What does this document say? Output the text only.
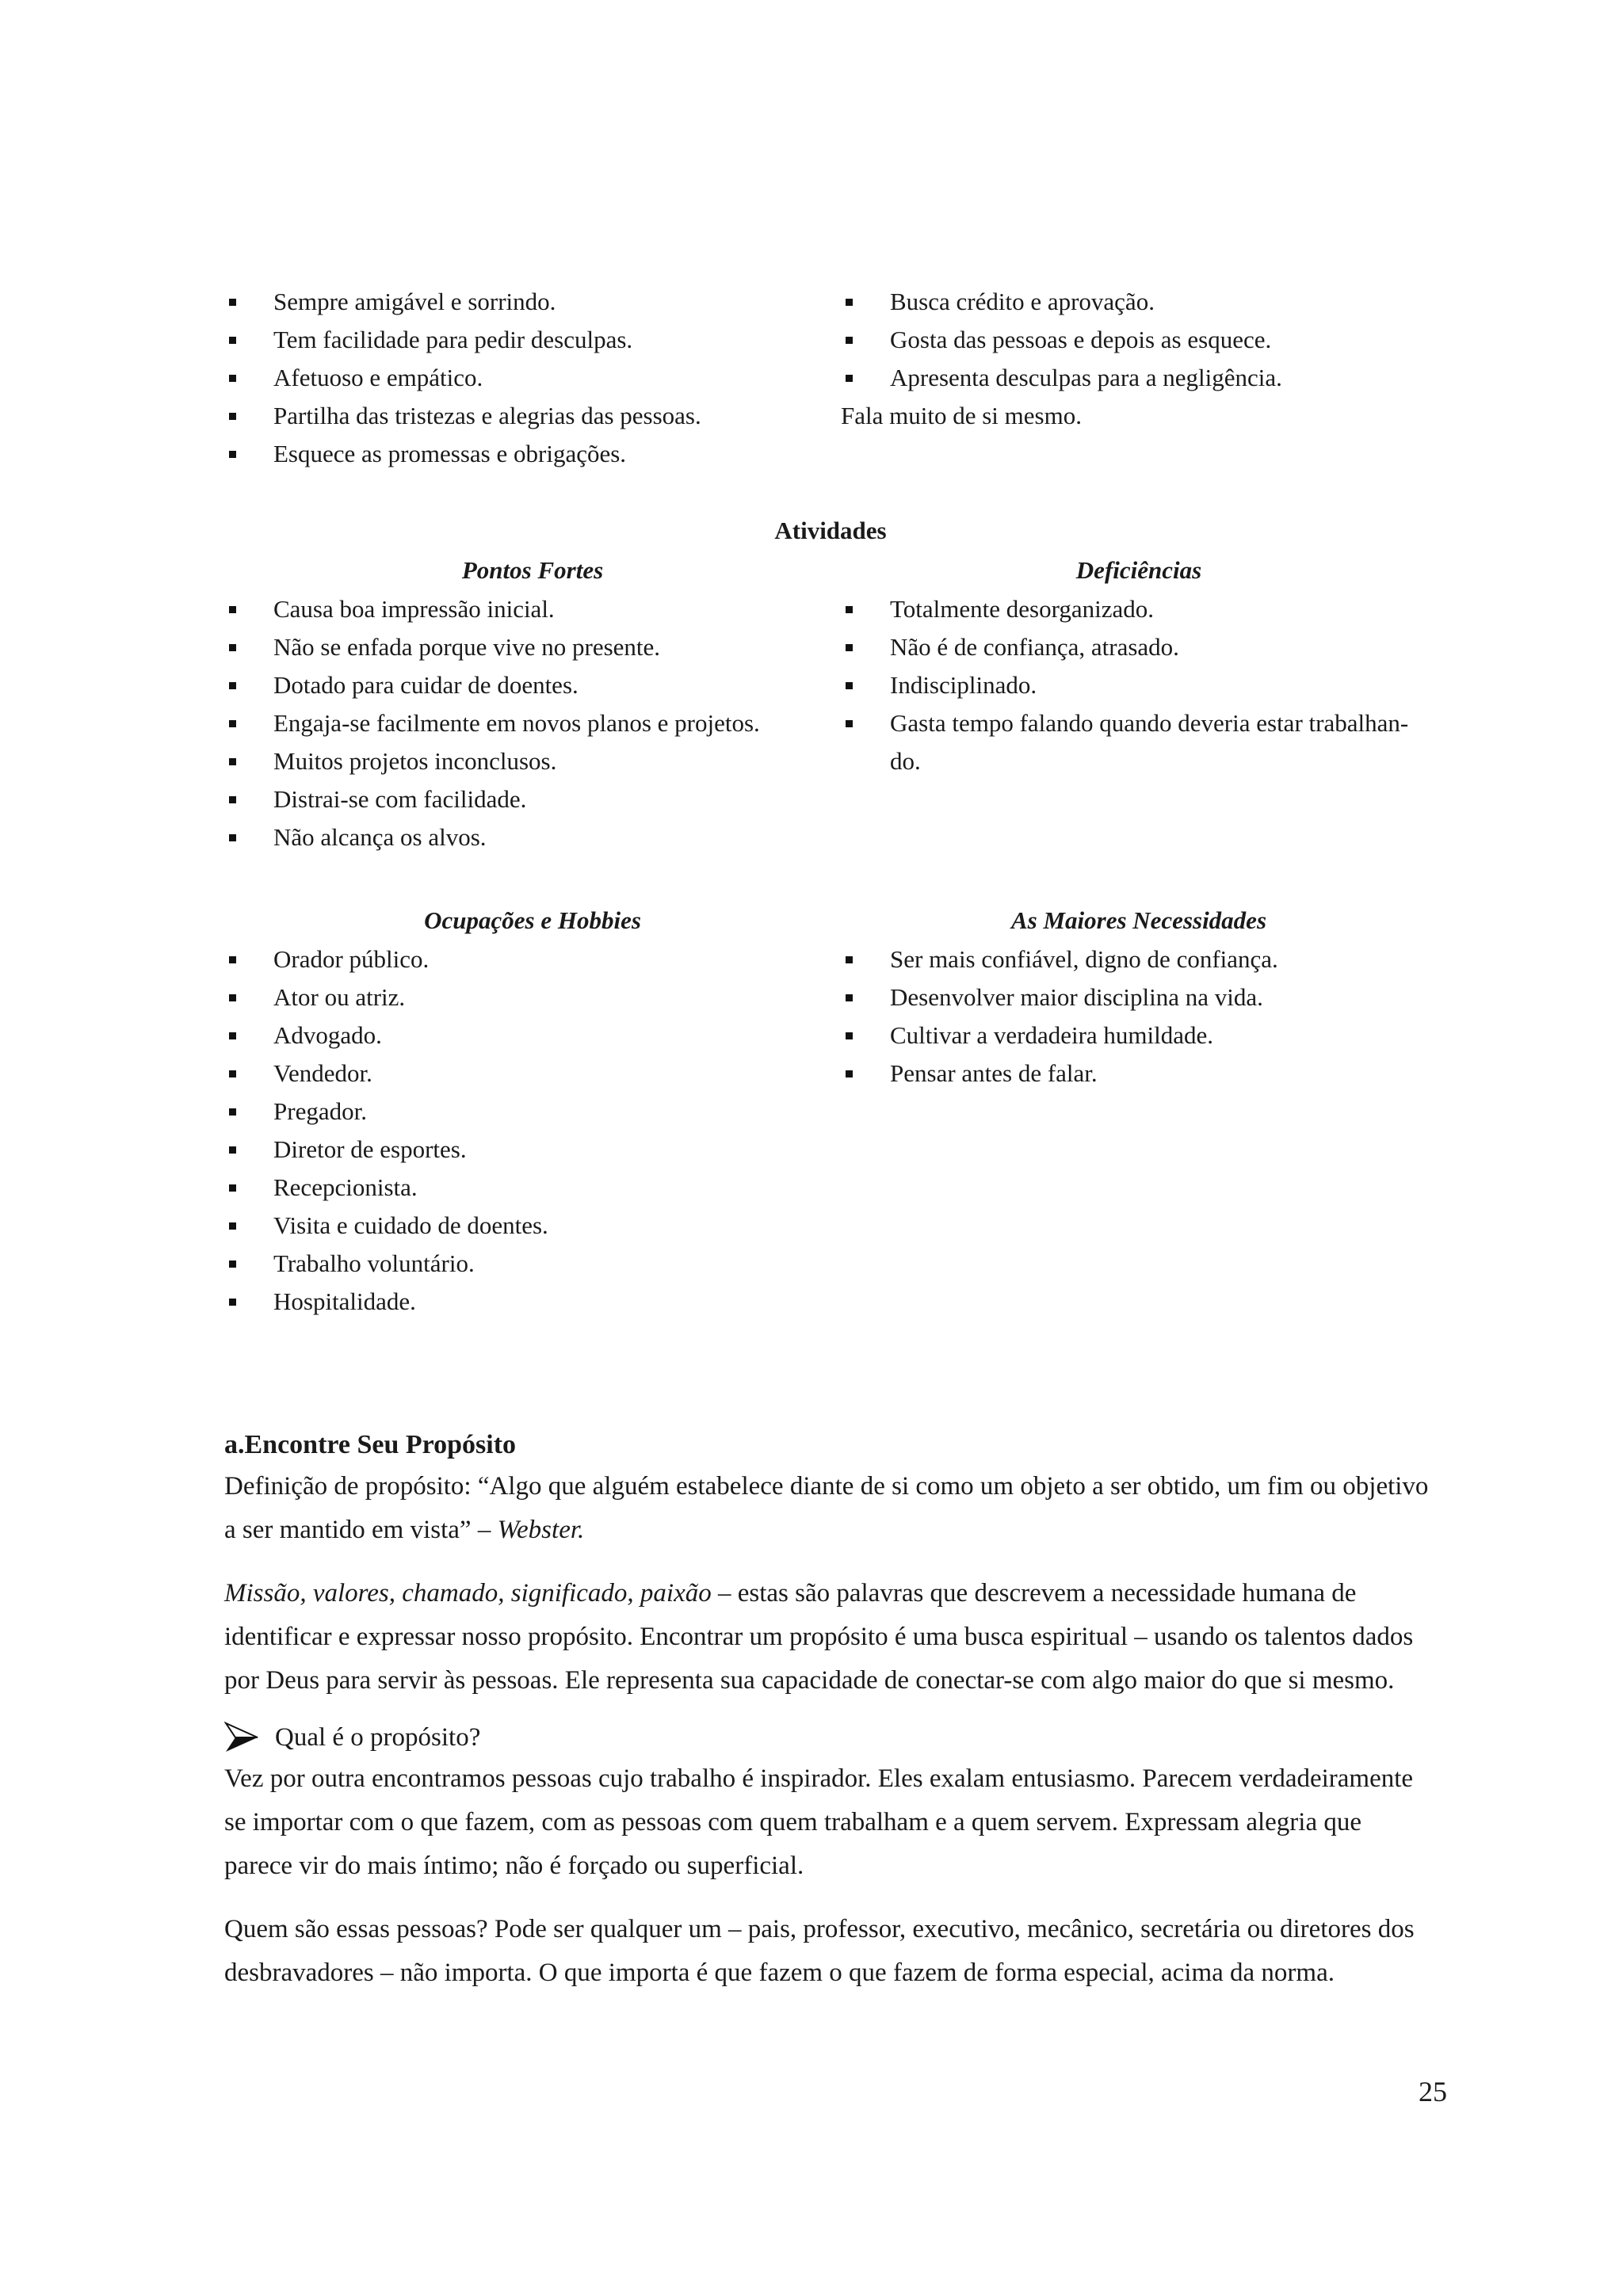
Sempre amigável e sorrindo.
Tem facilidade para pedir desculpas.
Afetuoso e empático.
Partilha das tristezas e alegrias das pessoas.
Esquece as promessas e obrigações.
Busca crédito e aprovação.
Gosta das pessoas e depois as esquece.
Apresenta desculpas para a negligência.

Fala muito de si mesmo.

Atividades

Pontos Fortes

Causa boa impressão inicial.
Não se enfada porque vive no presente.
Dotado para cuidar de doentes.
Engaja-se facilmente em novos planos e projetos.
Muitos projetos inconclusos.
Distrai-se com facilidade.
Não alcança os alvos.

Deficiências

Totalmente desorganizado.
Não é de confiança, atrasado.
Indisciplinado.
Gasta tempo falando quando deveria estar trabalhan-do.

Ocupações e Hobbies

Orador público.
Ator ou atriz.
Advogado.
Vendedor.
Pregador.
Diretor de esportes.
Recepcionista.
Visita e cuidado de doentes.
Trabalho voluntário.
Hospitalidade.

As Maiores Necessidades

Ser mais confiável, digno de confiança.
Desenvolver maior disciplina na vida.
Cultivar a verdadeira humildade.
Pensar antes de falar.

a.Encontre Seu Propósito

Definição de propósito: “Algo que alguém estabelece diante de si como um objeto a ser obtido, um fim ou objetivo a ser mantido em vista” – Webster.

Missão, valores, chamado, significado, paixão – estas são palavras que descrevem a necessidade humana de identificar e expressar nosso propósito. Encontrar um propósito é uma busca espiritual – usando os talentos dados por Deus para servir às pessoas. Ele representa sua capacidade de conectar-se com algo maior do que si mesmo.

Qual é o propósito?

Vez por outra encontramos pessoas cujo trabalho é inspirador. Eles exalam entusiasmo. Parecem verdadeiramente se importar com o que fazem, com as pessoas com quem trabalham e a quem servem. Expressam alegria que parece vir do mais íntimo; não é forçado ou superficial.

Quem são essas pessoas? Pode ser qualquer um – pais, professor, executivo, mecânico, secretária ou diretores dos desbravadores – não importa. O que importa é que fazem o que fazem de forma especial, acima da norma.

25
